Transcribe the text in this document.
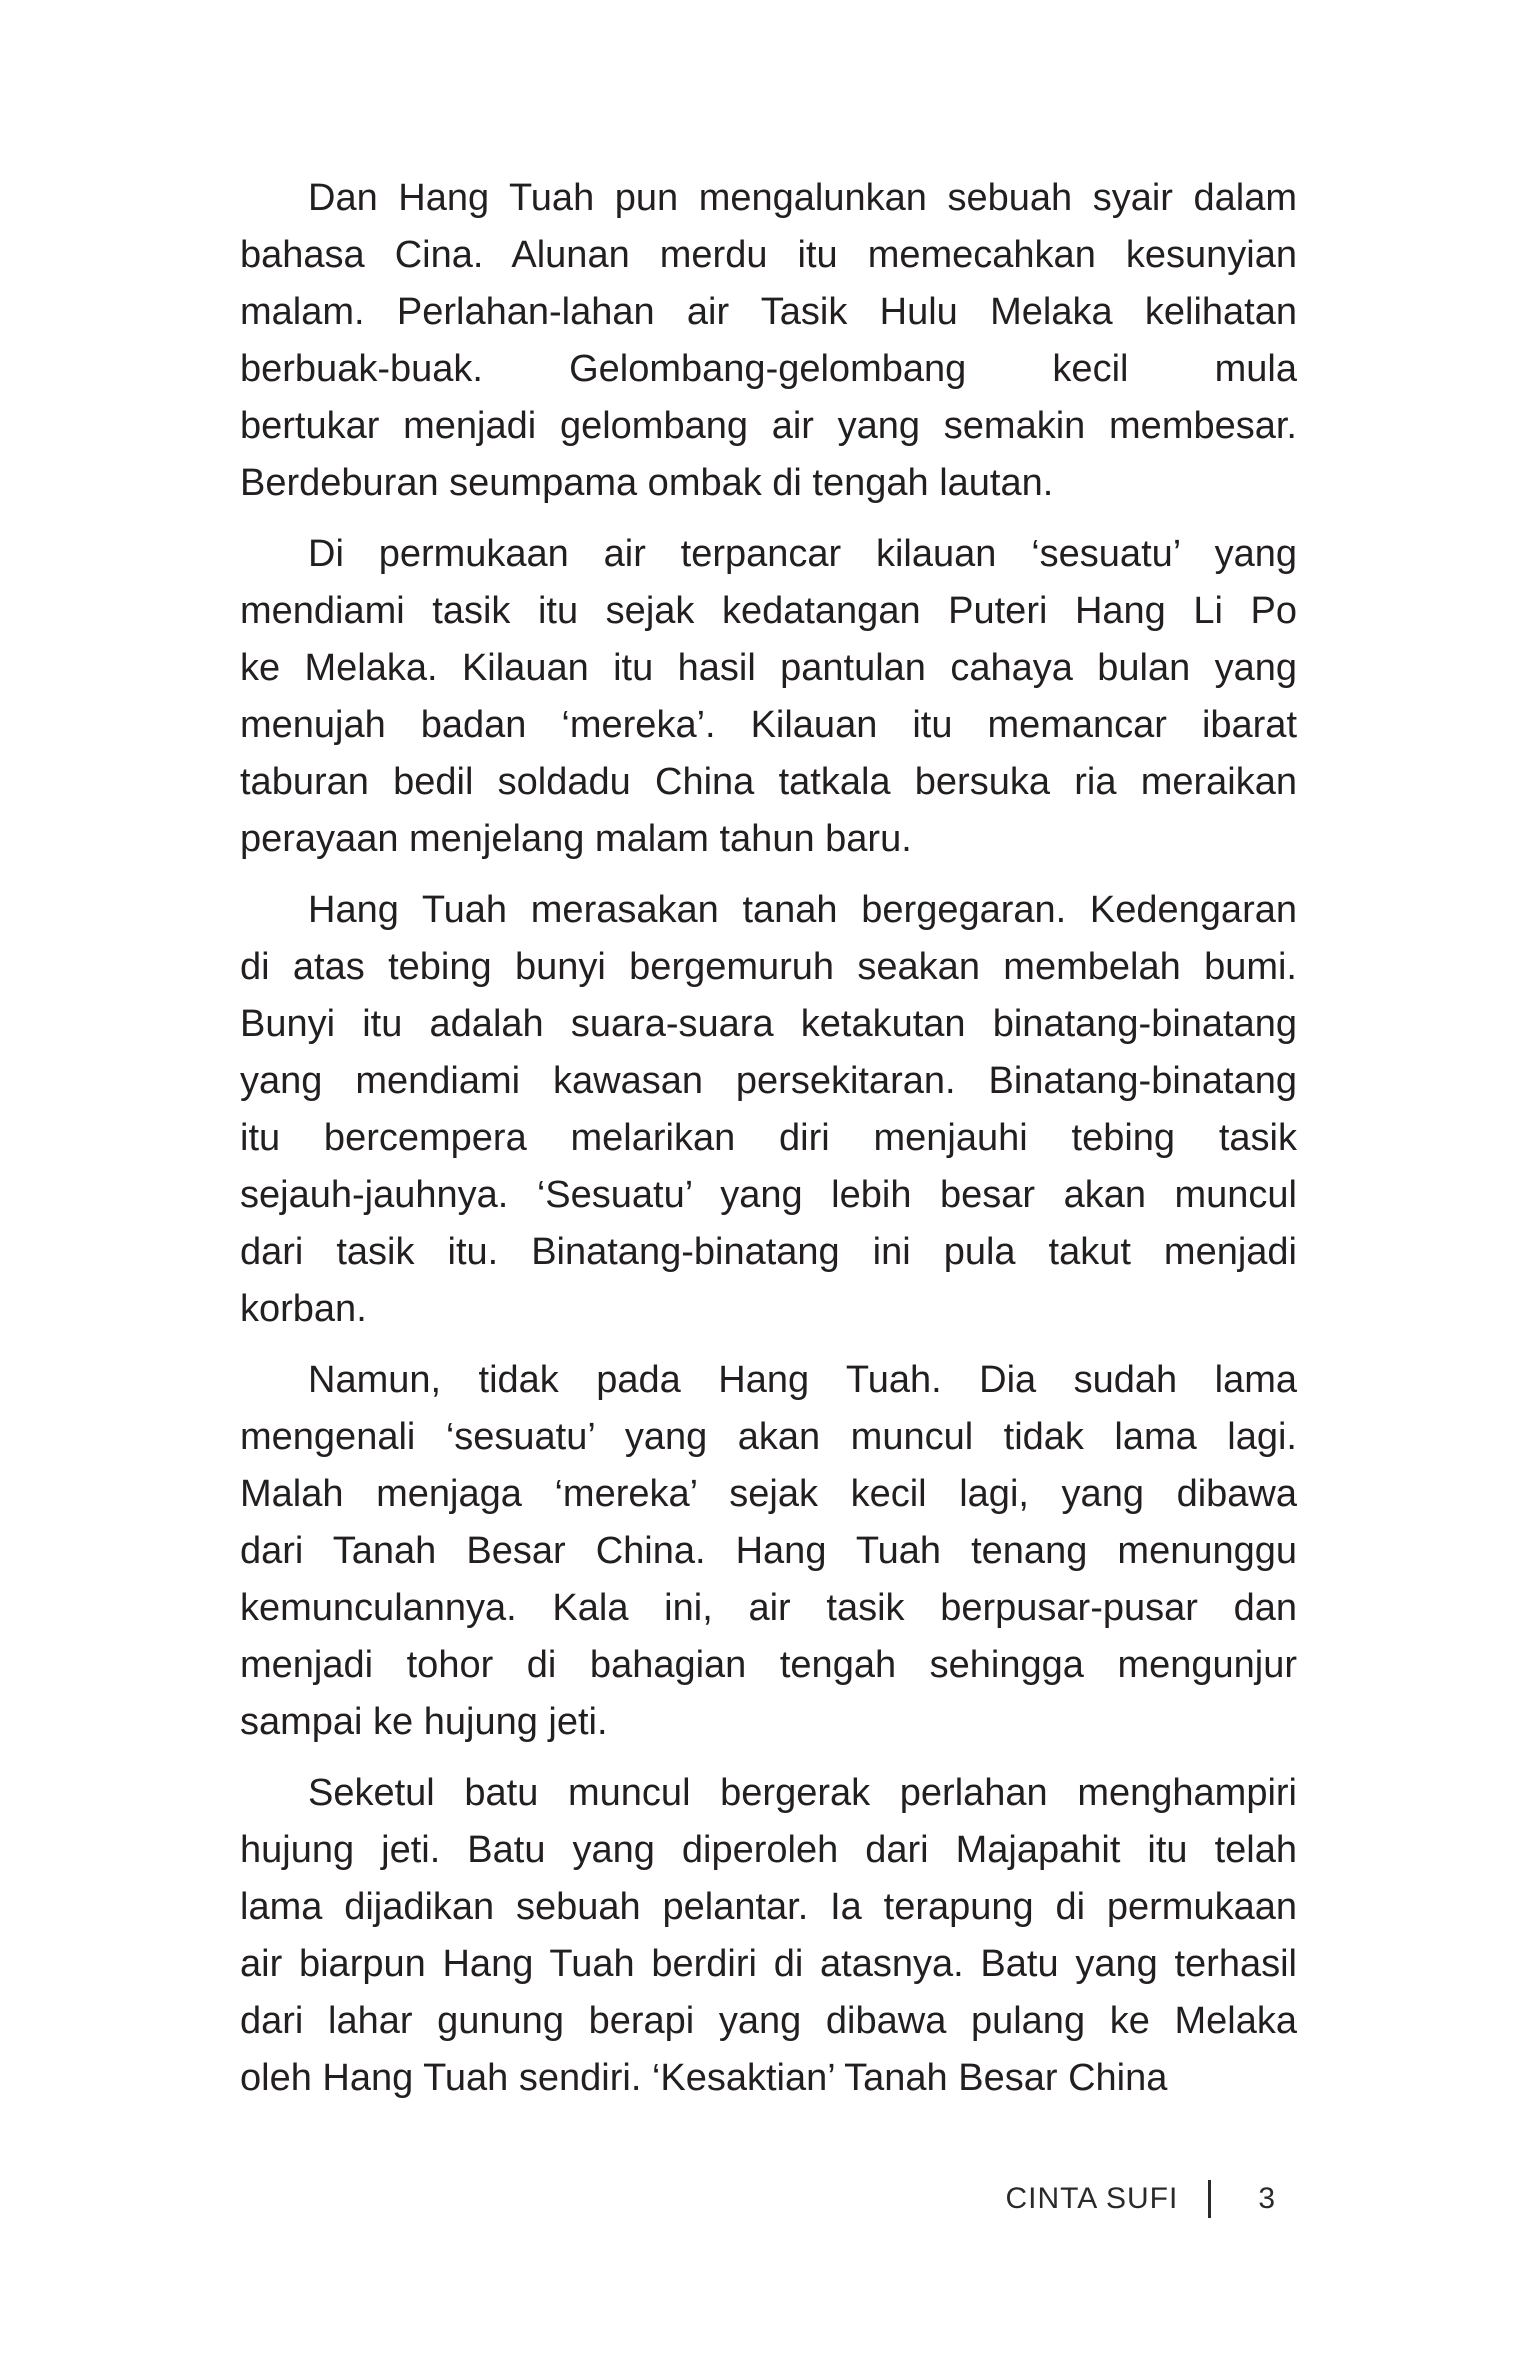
Dan Hang Tuah pun mengalunkan sebuah syair dalam
bahasa Cina. Alunan merdu itu memecahkan kesunyian
malam. Perlahan-lahan air Tasik Hulu Melaka kelihatan
berbuak-buak. Gelombang-gelombang kecil mula
bertukar menjadi gelombang air yang semakin membesar.
Berdeburan seumpama ombak di tengah lautan.
Di permukaan air terpancar kilauan ‘sesuatu’ yang
mendiami tasik itu sejak kedatangan Puteri Hang Li Po
ke Melaka. Kilauan itu hasil pantulan cahaya bulan yang
menujah badan ‘mereka’. Kilauan itu memancar ibarat
taburan bedil soldadu China tatkala bersuka ria meraikan
perayaan menjelang malam tahun baru.
Hang Tuah merasakan tanah bergegaran. Kedengaran
di atas tebing bunyi bergemuruh seakan membelah bumi.
Bunyi itu adalah suara-suara ketakutan binatang-binatang
yang mendiami kawasan persekitaran. Binatang-binatang
itu bercempera melarikan diri menjauhi tebing tasik
sejauh-jauhnya. ‘Sesuatu’ yang lebih besar akan muncul
dari tasik itu. Binatang-binatang ini pula takut menjadi
korban.
Namun, tidak pada Hang Tuah. Dia sudah lama
mengenali ‘sesuatu’ yang akan muncul tidak lama lagi.
Malah menjaga ‘mereka’ sejak kecil lagi, yang dibawa
dari Tanah Besar China. Hang Tuah tenang menunggu
kemunculannya. Kala ini, air tasik berpusar-pusar dan
menjadi tohor di bahagian tengah sehingga mengunjur
sampai ke hujung jeti.
Seketul batu muncul bergerak perlahan menghampiri
hujung jeti. Batu yang diperoleh dari Majapahit itu telah
lama dijadikan sebuah pelantar. Ia terapung di permukaan
air biarpun Hang Tuah berdiri di atasnya. Batu yang terhasil
dari lahar gunung berapi yang dibawa pulang ke Melaka
oleh Hang Tuah sendiri. ‘Kesaktian’ Tanah Besar China
CINTA SUFI	3
